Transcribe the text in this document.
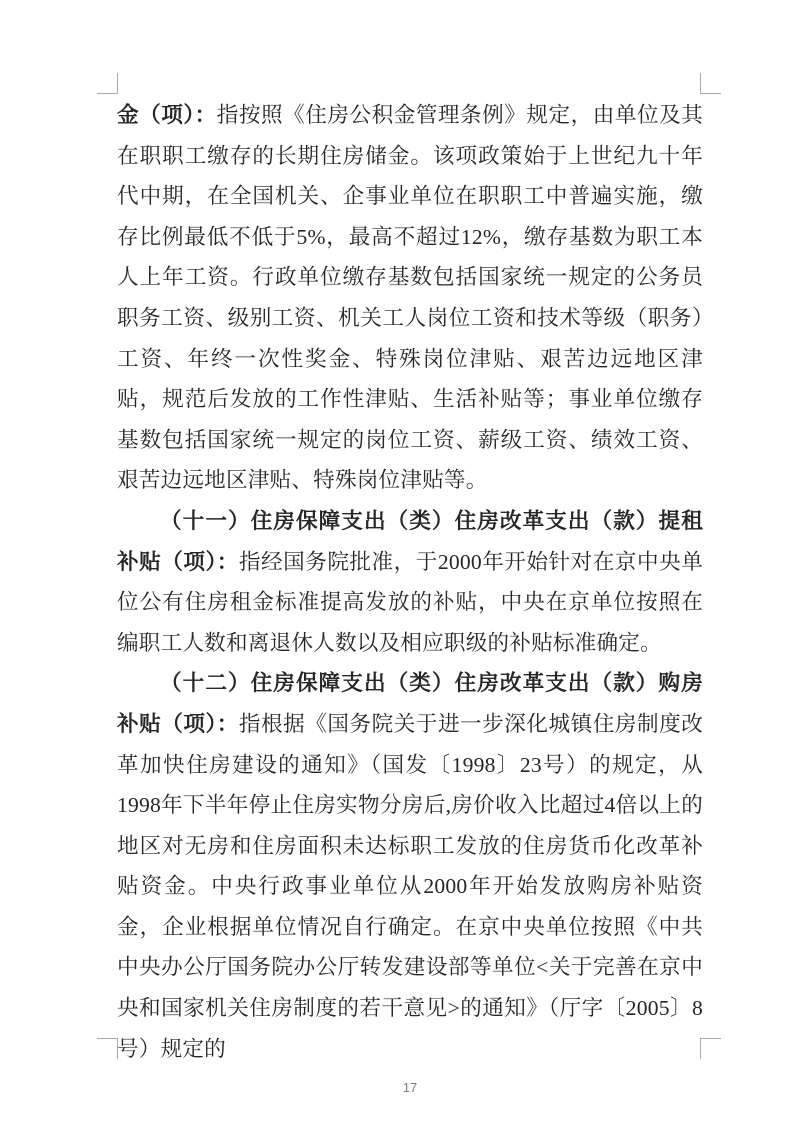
金（项）：指按照《住房公积金管理条例》规定，由单位及其在职职工缴存的长期住房储金。该项政策始于上世纪九十年代中期，在全国机关、企事业单位在职职工中普遍实施，缴存比例最低不低于5%，最高不超过12%，缴存基数为职工本人上年工资。行政单位缴存基数包括国家统一规定的公务员职务工资、级别工资、机关工人岗位工资和技术等级（职务）工资、年终一次性奖金、特殊岗位津贴、艰苦边远地区津贴，规范后发放的工作性津贴、生活补贴等；事业单位缴存基数包括国家统一规定的岗位工资、薪级工资、绩效工资、艰苦边远地区津贴、特殊岗位津贴等。

（十一）住房保障支出（类）住房改革支出（款）提租补贴（项）：指经国务院批准，于2000年开始针对在京中央单位公有住房租金标准提高发放的补贴，中央在京单位按照在编职工人数和离退休人数以及相应职级的补贴标准确定。

（十二）住房保障支出（类）住房改革支出（款）购房补贴（项）：指根据《国务院关于进一步深化城镇住房制度改革加快住房建设的通知》（国发〔1998〕23号）的规定，从1998年下半年停止住房实物分房后,房价收入比超过4倍以上的地区对无房和住房面积未达标职工发放的住房货币化改革补贴资金。中央行政事业单位从2000年开始发放购房补贴资金，企业根据单位情况自行确定。在京中央单位按照《中共中央办公厅国务院办公厅转发建设部等单位<关于完善在京中央和国家机关住房制度的若干意见>的通知》（厅字〔2005〕8号）规定的

17
